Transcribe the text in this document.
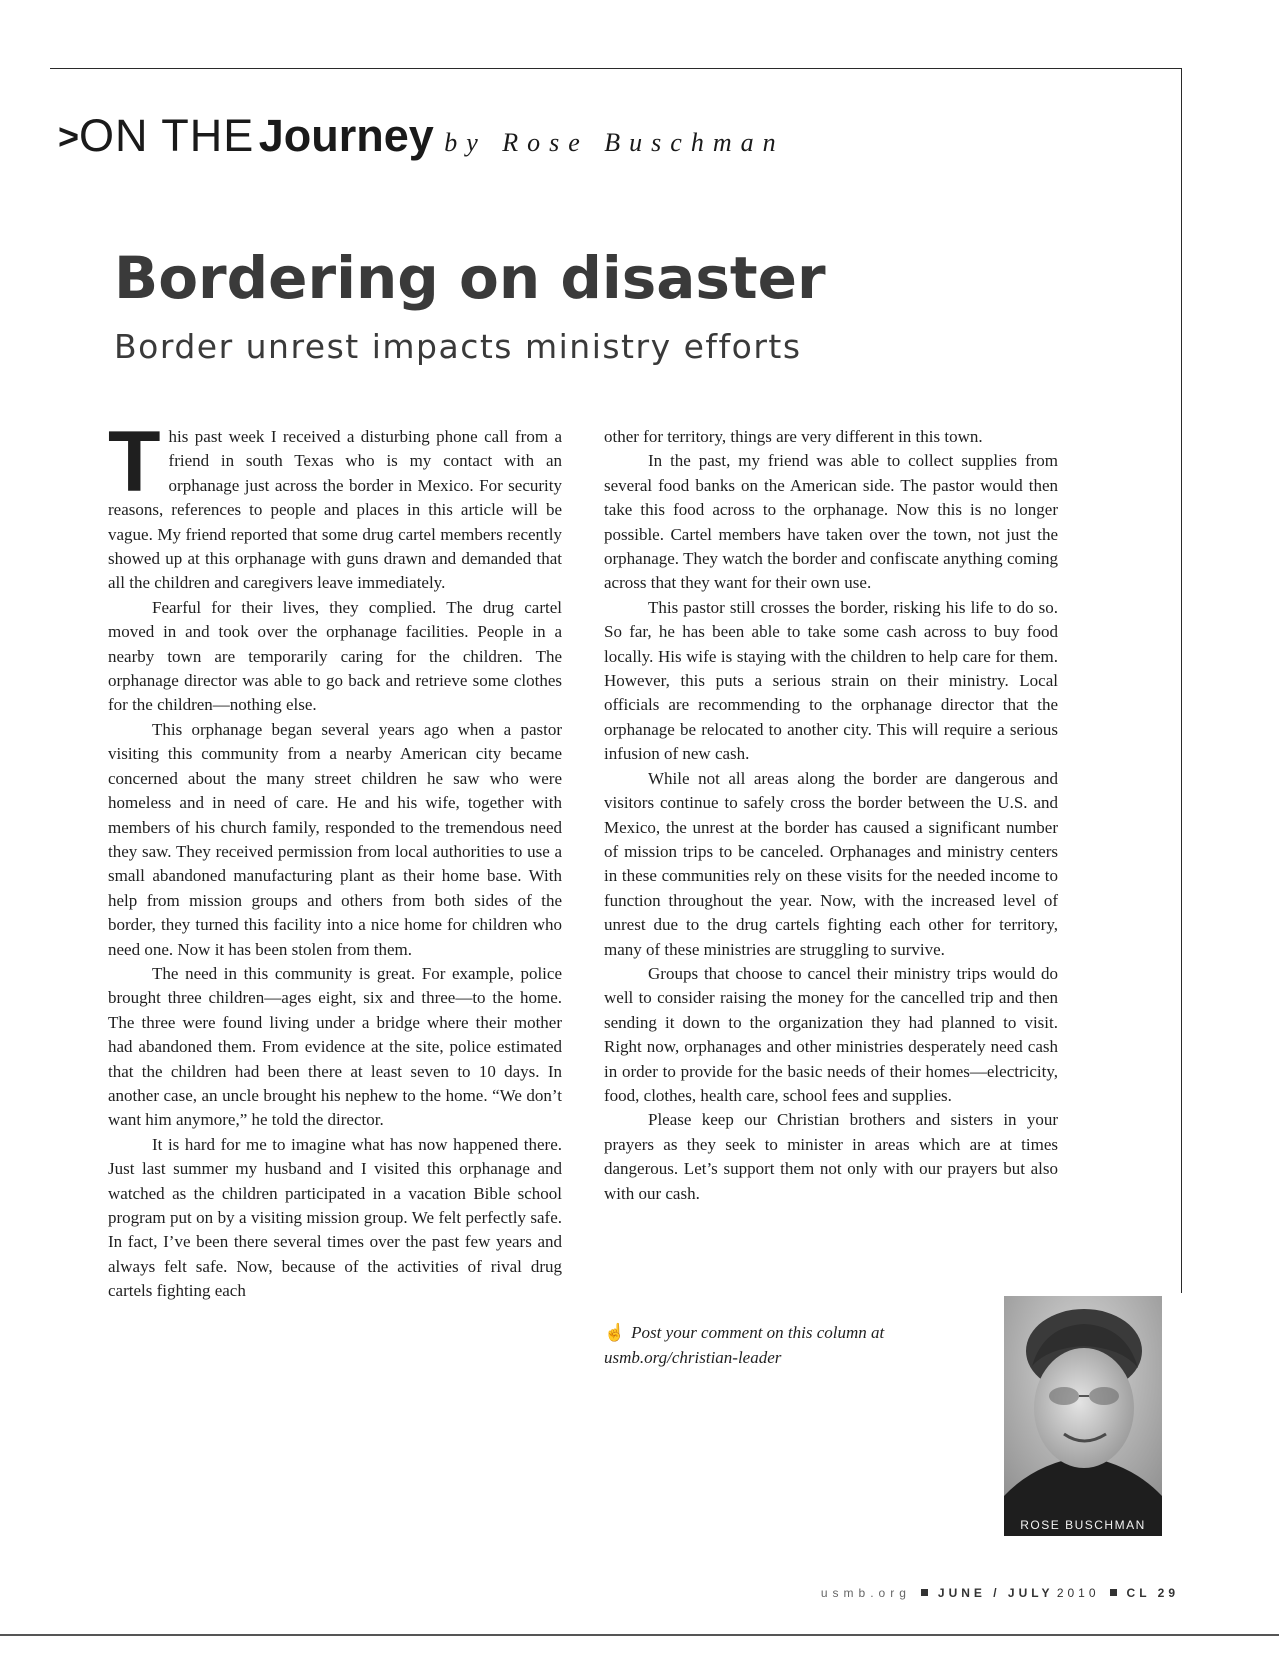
>ON THE Journey by Rose Buschman
Bordering on disaster
Border unrest impacts ministry efforts

This past week I received a disturbing phone call from a friend in south Texas who is my contact with an orphanage just across the border in Mexico. For security reasons, references to people and places in this article will be vague. My friend reported that some drug cartel members recently showed up at this orphanage with guns drawn and demanded that all the children and caregivers leave immediately.

Fearful for their lives, they complied. The drug cartel moved in and took over the orphanage facilities. People in a nearby town are temporarily caring for the children. The orphanage director was able to go back and retrieve some clothes for the children—nothing else.

This orphanage began several years ago when a pastor visiting this community from a nearby American city became concerned about the many street children he saw who were homeless and in need of care. He and his wife, together with members of his church family, responded to the tremendous need they saw. They received permission from local authorities to use a small abandoned manufacturing plant as their home base. With help from mission groups and others from both sides of the border, they turned this facility into a nice home for children who need one. Now it has been stolen from them.

The need in this community is great. For example, police brought three children—ages eight, six and three—to the home. The three were found living under a bridge where their mother had abandoned them. From evidence at the site, police estimated that the children had been there at least seven to 10 days. In another case, an uncle brought his nephew to the home. “We don’t want him anymore,” he told the director.

It is hard for me to imagine what has now happened there. Just last summer my husband and I visited this orphanage and watched as the children participated in a vacation Bible school program put on by a visiting mission group. We felt perfectly safe. In fact, I’ve been there several times over the past few years and always felt safe. Now, because of the activities of rival drug cartels fighting each

other for territory, things are very different in this town.

In the past, my friend was able to collect supplies from several food banks on the American side. The pastor would then take this food across to the orphanage. Now this is no longer possible. Cartel members have taken over the town, not just the orphanage. They watch the border and confiscate anything coming across that they want for their own use.

This pastor still crosses the border, risking his life to do so. So far, he has been able to take some cash across to buy food locally. His wife is staying with the children to help care for them. However, this puts a serious strain on their ministry. Local officials are recommending to the orphanage director that the orphanage be relocated to another city. This will require a serious infusion of new cash.

While not all areas along the border are dangerous and visitors continue to safely cross the border between the U.S. and Mexico, the unrest at the border has caused a significant number of mission trips to be canceled. Orphanages and ministry centers in these communities rely on these visits for the needed income to function throughout the year. Now, with the increased level of unrest due to the drug cartels fighting each other for territory, many of these ministries are struggling to survive.

Groups that choose to cancel their ministry trips would do well to consider raising the money for the cancelled trip and then sending it down to the organization they had planned to visit. Right now, orphanages and other ministries desperately need cash in order to provide for the basic needs of their homes—electricity, food, clothes, health care, school fees and supplies.

Please keep our Christian brothers and sisters in your prayers as they seek to minister in areas which are at times dangerous. Let’s support them not only with our prayers but also with our cash.

☝ Post your comment on this column at
usmb.org/christian-leader
ROSE BUSCHMAN
usmb.org JUNE / JULY 2010 CL 29
